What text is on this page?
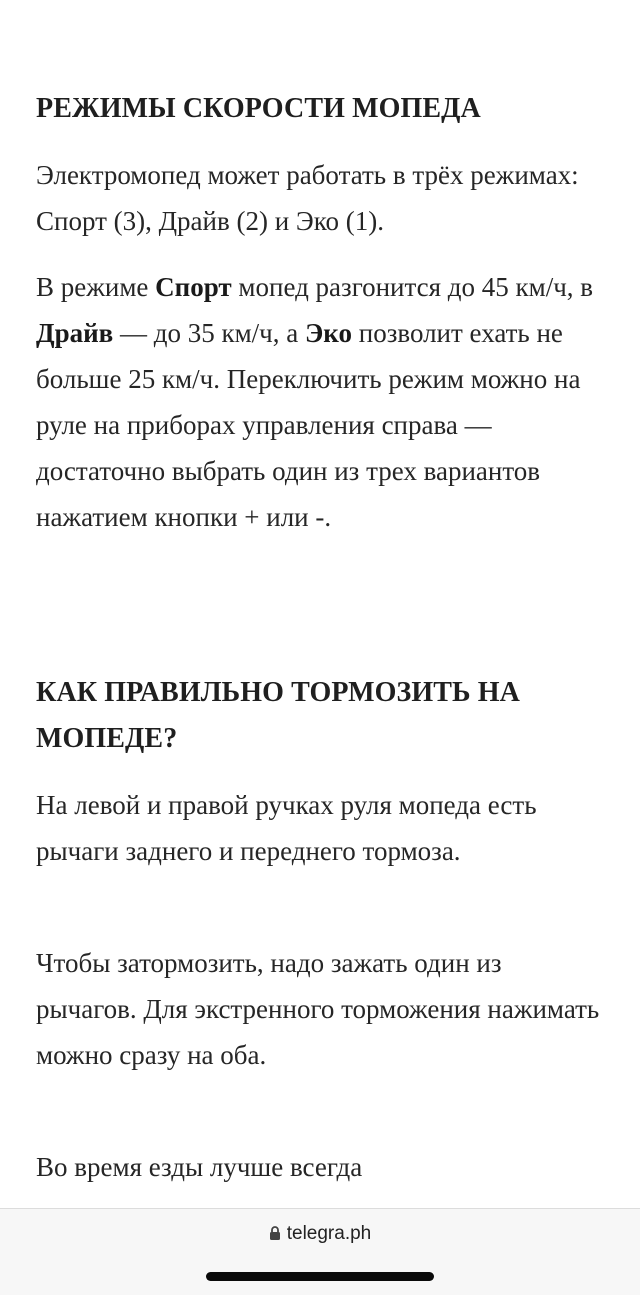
РЕЖИМЫ СКОРОСТИ МОПЕДА

Электромопед может работать в трёх режимах: Спорт (3), Драйв (2) и Эко (1).

В режиме Спорт мопед разгонится до 45 км/ч, в Драйв — до 35 км/ч, а Эко позволит ехать не больше 25 км/ч. Переключить режим можно на руле на приборах управления справа — достаточно выбрать один из трех вариантов нажатием кнопки + или -.

КАК ПРАВИЛЬНО ТОРМОЗИТЬ НА МОПЕДЕ?

На левой и правой ручках руля мопеда есть рычаги заднего и переднего тормоза.

Чтобы затормозить, надо зажать один из рычагов. Для экстренного торможения нажимать можно сразу на оба.

Во время езды лучше всегда

telegra.ph
